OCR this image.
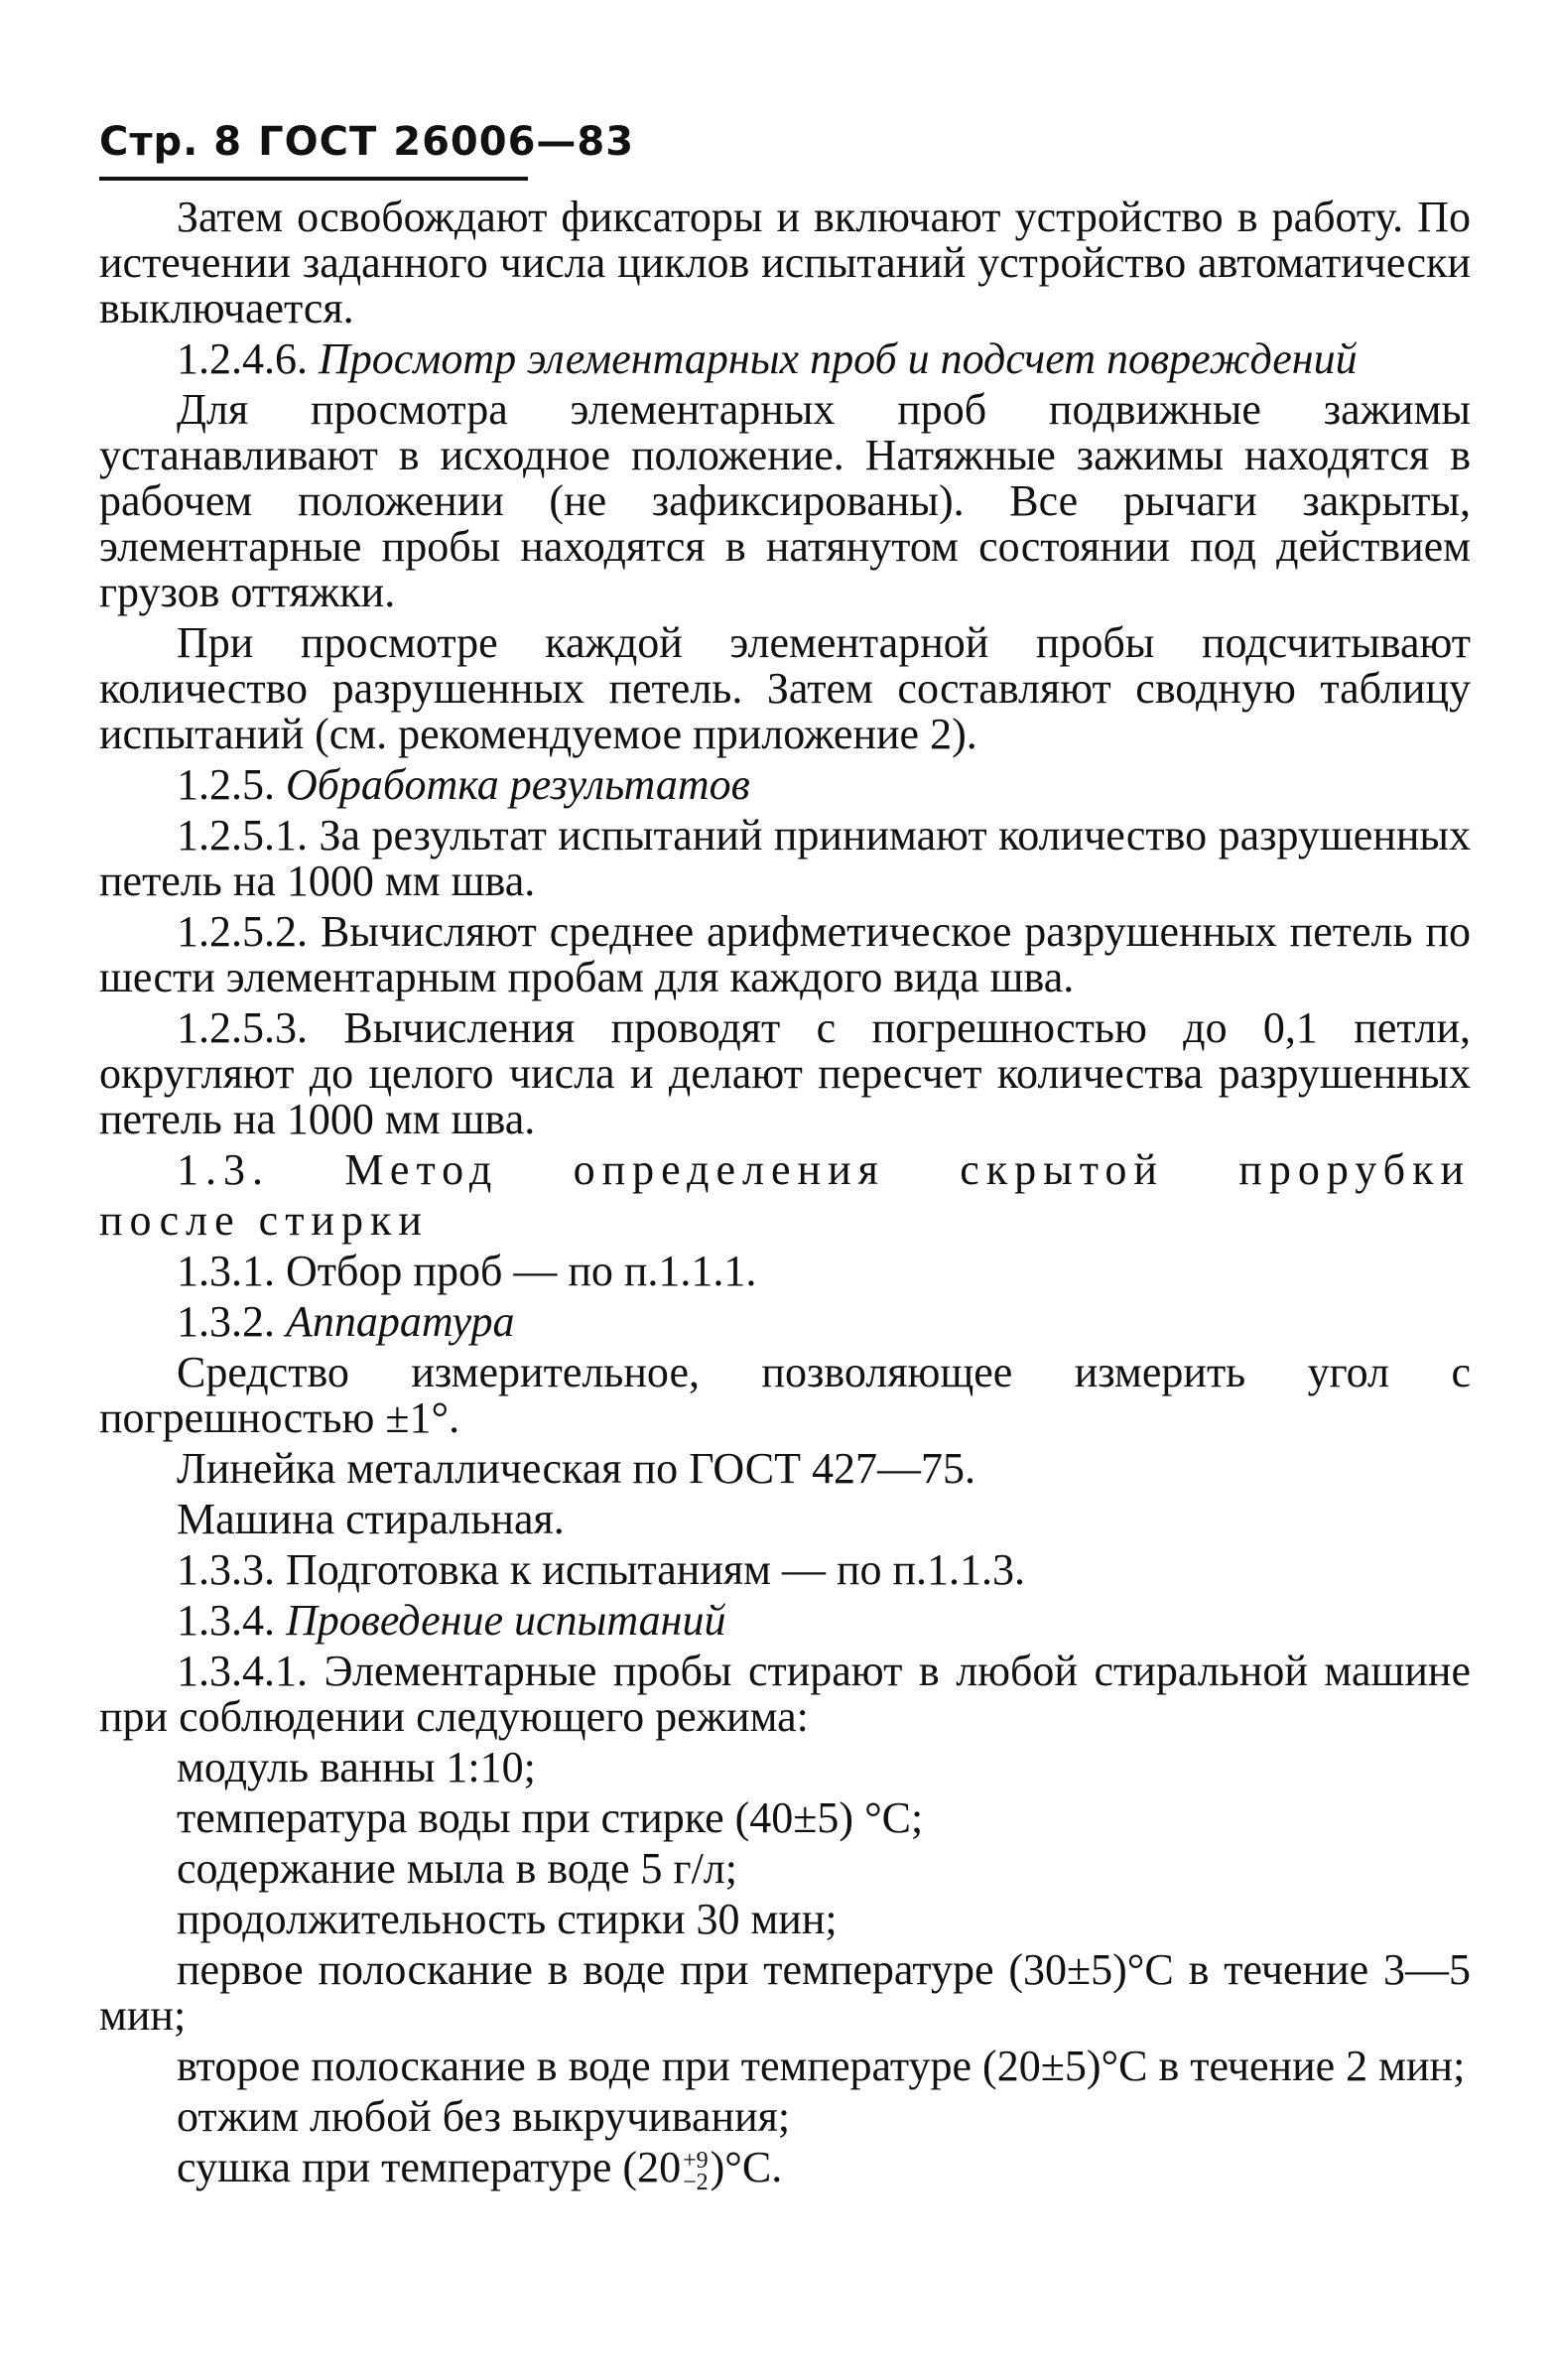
Стр. 8 ГОСТ 26006—83

Затем освобождают фиксаторы и включают устройство в работу. По истечении заданного числа циклов испытаний устройство автоматически выключается.

1.2.4.6. Просмотр элементарных проб и подсчет повреждений

Для просмотра элементарных проб подвижные зажимы устанавливают в исходное положение. Натяжные зажимы находятся в рабочем положении (не зафиксированы). Все рычаги закрыты, элементарные пробы находятся в натянутом состоянии под действием грузов оттяжки.

При просмотре каждой элементарной пробы подсчитывают количество разрушенных петель. Затем составляют сводную таблицу испытаний (см. рекомендуемое приложение 2).

1.2.5. Обработка результатов

1.2.5.1. За результат испытаний принимают количество разрушенных петель на 1000 мм шва.

1.2.5.2. Вычисляют среднее арифметическое разрушенных петель по шести элементарным пробам для каждого вида шва.

1.2.5.3. Вычисления проводят с погрешностью до 0,1 петли, округляют до целого числа и делают пересчет количества разрушенных петель на 1000 мм шва.

1.3. Метод определения скрытой прорубки

после стирки

1.3.1. Отбор проб — по п.1.1.1.

1.3.2. Аппаратура

Средство измерительное, позволяющее измерить угол с погрешностью ±1°.

Линейка металлическая по ГОСТ 427—75.

Машина стиральная.

1.3.3. Подготовка к испытаниям — по п.1.1.3.

1.3.4. Проведение испытаний

1.3.4.1. Элементарные пробы стирают в любой стиральной машине при соблюдении следующего режима:

модуль ванны 1:10;

температура воды при стирке (40±5) °С;

содержание мыла в воде 5 г/л;

продолжительность стирки 30 мин;

первое полоскание в воде при температуре (30±5)°С в течение 3—5 мин;

второе полоскание в воде при температуре (20±5)°С в течение 2 мин;

отжим любой без выкручивания;

сушка при температуре (20 +9
−2 )°С.
